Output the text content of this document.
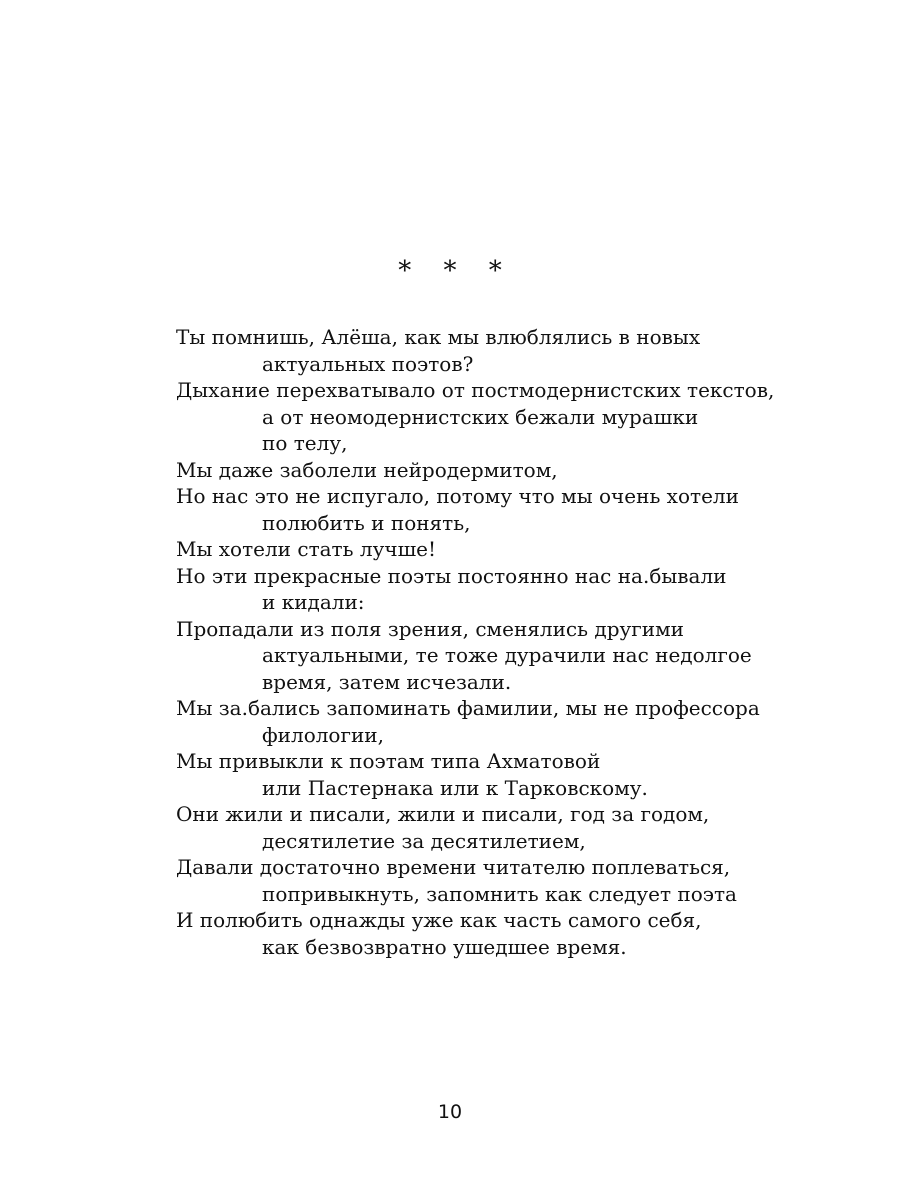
* * *
Ты помнишь, Алёша, как мы влюблялись в новых
актуальных поэтов?
Дыхание перехватывало от постмодернистских текстов,
а от неомодернистских бежали мурашки
по телу,
Мы даже заболели нейродермитом,
Но нас это не испугало, потому что мы очень хотели
полюбить и понять,
Мы хотели стать лучше!
Но эти прекрасные поэты постоянно нас на.бывали
и кидали:
Пропадали из поля зрения, сменялись другими
актуальными, те тоже дурачили нас недолгое
время, затем исчезали.
Мы за.бались запоминать фамилии, мы не профессора
филологии,
Мы привыкли к поэтам типа Ахматовой
или Пастернака или к Тарковскому.
Они жили и писали, жили и писали, год за годом,
десятилетие за десятилетием,
Давали достаточно времени читателю поплеваться,
попривыкнуть, запомнить как следует поэта
И полюбить однажды уже как часть самого себя,
как безвозвратно ушедшее время.
10
